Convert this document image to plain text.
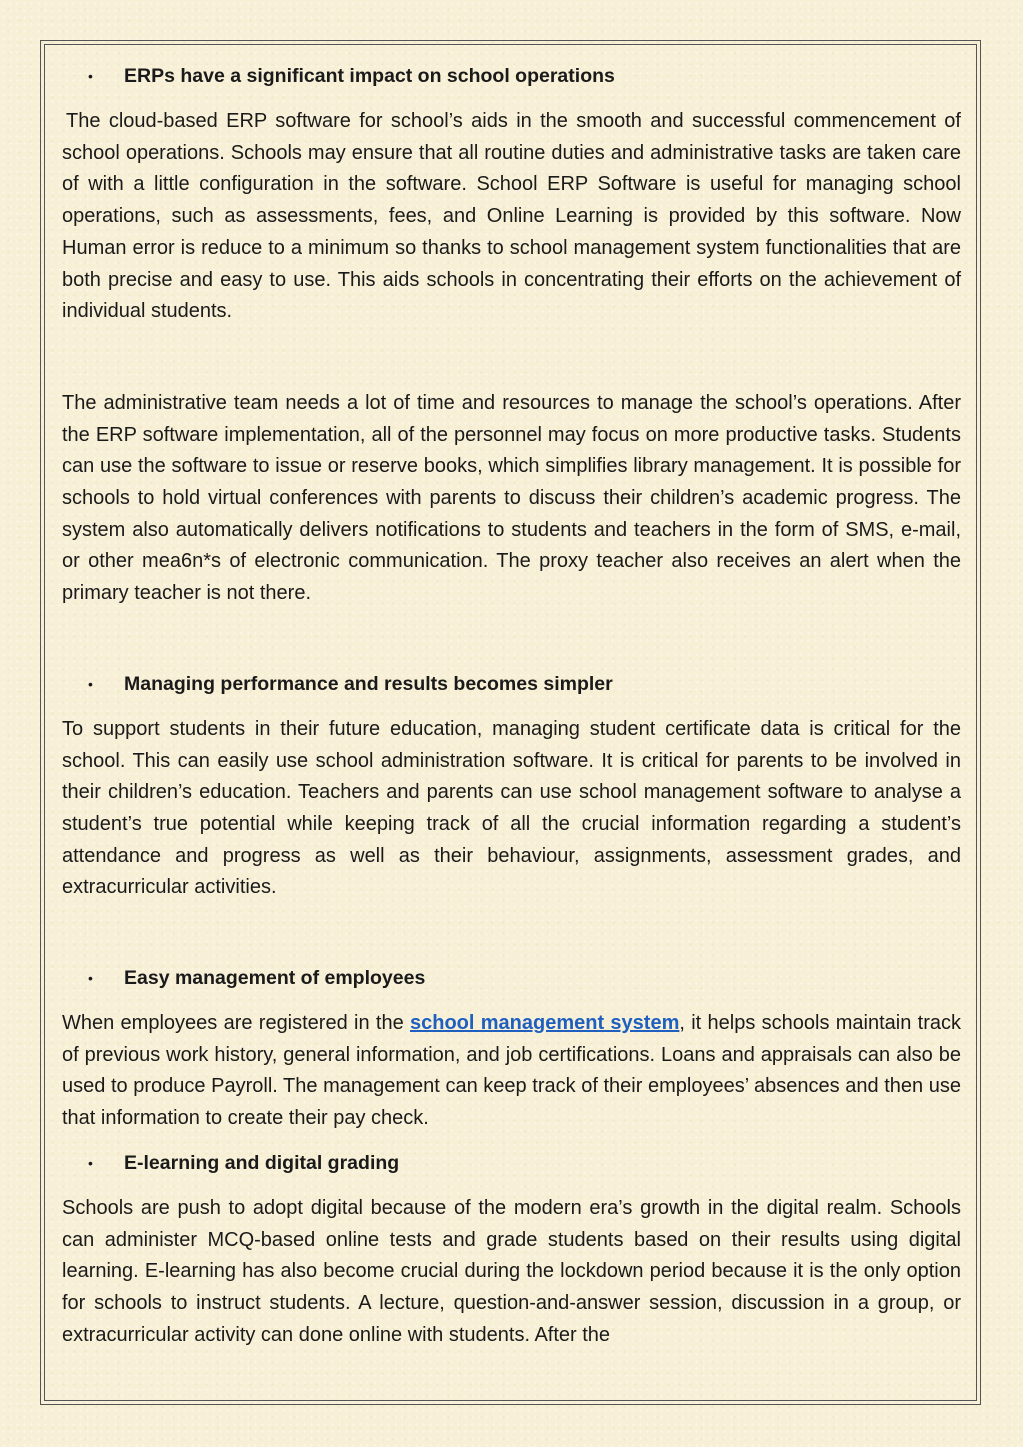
• ERPs have a significant impact on school operations

The cloud-based ERP software for school’s aids in the smooth and successful commencement of school operations. Schools may ensure that all routine duties and administrative tasks are taken care of with a little configuration in the software. School ERP Software is useful for managing school operations, such as assessments, fees, and Online Learning is provided by this software. Now Human error is reduce to a minimum so thanks to school management system functionalities that are both precise and easy to use. This aids schools in concentrating their efforts on the achievement of individual students.

The administrative team needs a lot of time and resources to manage the school’s operations. After the ERP software implementation, all of the personnel may focus on more productive tasks. Students can use the software to issue or reserve books, which simplifies library management. It is possible for schools to hold virtual conferences with parents to discuss their children’s academic progress. The system also automatically delivers notifications to students and teachers in the form of SMS, e-mail, or other mea6n*s of electronic communication. The proxy teacher also receives an alert when the primary teacher is not there.

• Managing performance and results becomes simpler

To support students in their future education, managing student certificate data is critical for the school. This can easily use school administration software. It is critical for parents to be involved in their children’s education. Teachers and parents can use school management software to analyse a student’s true potential while keeping track of all the crucial information regarding a student’s attendance and progress as well as their behaviour, assignments, assessment grades, and extracurricular activities.

• Easy management of employees

When employees are registered in the school management system, it helps schools maintain track of previous work history, general information, and job certifications. Loans and appraisals can also be used to produce Payroll. The management can keep track of their employees’ absences and then use that information to create their pay check.

• E-learning and digital grading

Schools are push to adopt digital because of the modern era’s growth in the digital realm. Schools can administer MCQ-based online tests and grade students based on their results using digital learning. E-learning has also become crucial during the lockdown period because it is the only option for schools to instruct students. A lecture, question-and-answer session, discussion in a group, or extracurricular activity can done online with students. After the
